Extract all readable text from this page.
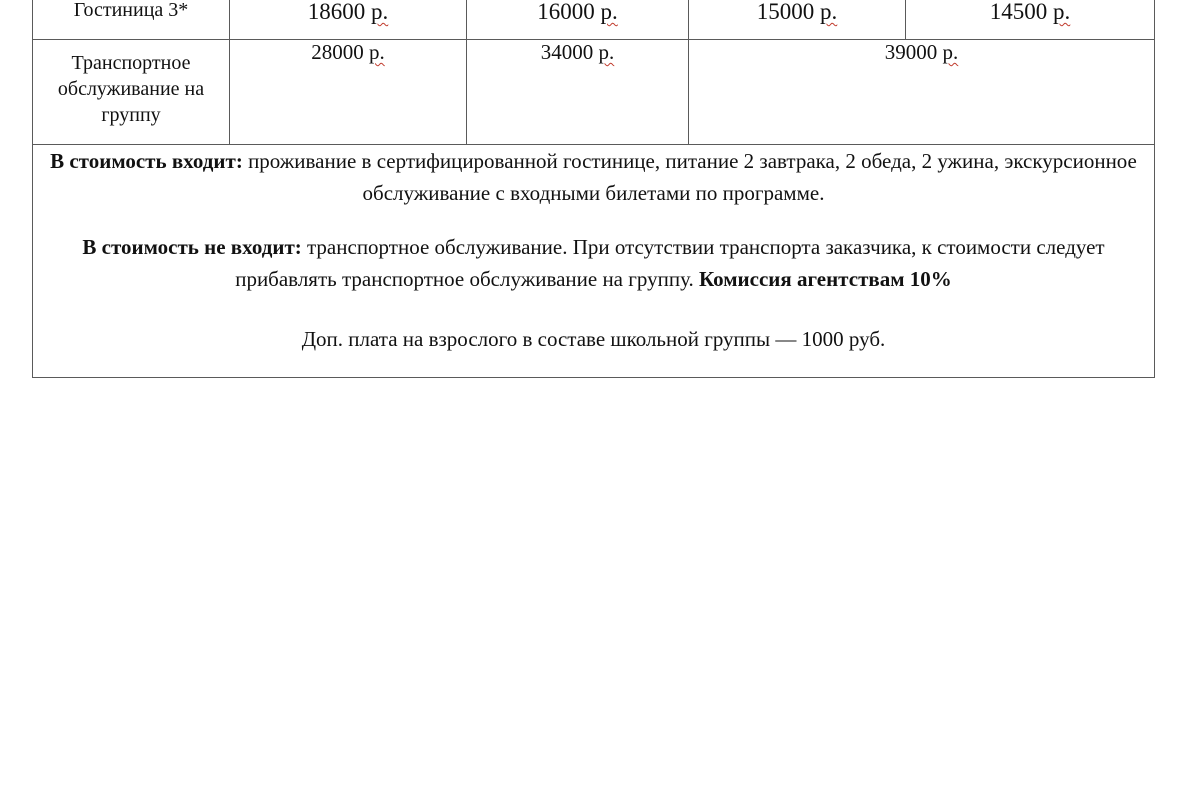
Гостиница 3*	18600 р.	16000 р.	15000 р.	14500 р.
Транспортное обслуживание на группу	28000 р.	34000 р.	39000 р.	

В стоимость входит: проживание в сертифицированной гостинице, питание 2 завтрака, 2 обеда, 2 ужина, экскурсионное обслуживание с входными билетами по программе.

В стоимость не входит: транспортное обслуживание. При отсутствии транспорта заказчика, к стоимости следует прибавлять транспортное обслуживание на группу. Комиссия агентствам 10%

Доп. плата на взрослого в составе школьной группы — 1000 руб.				
